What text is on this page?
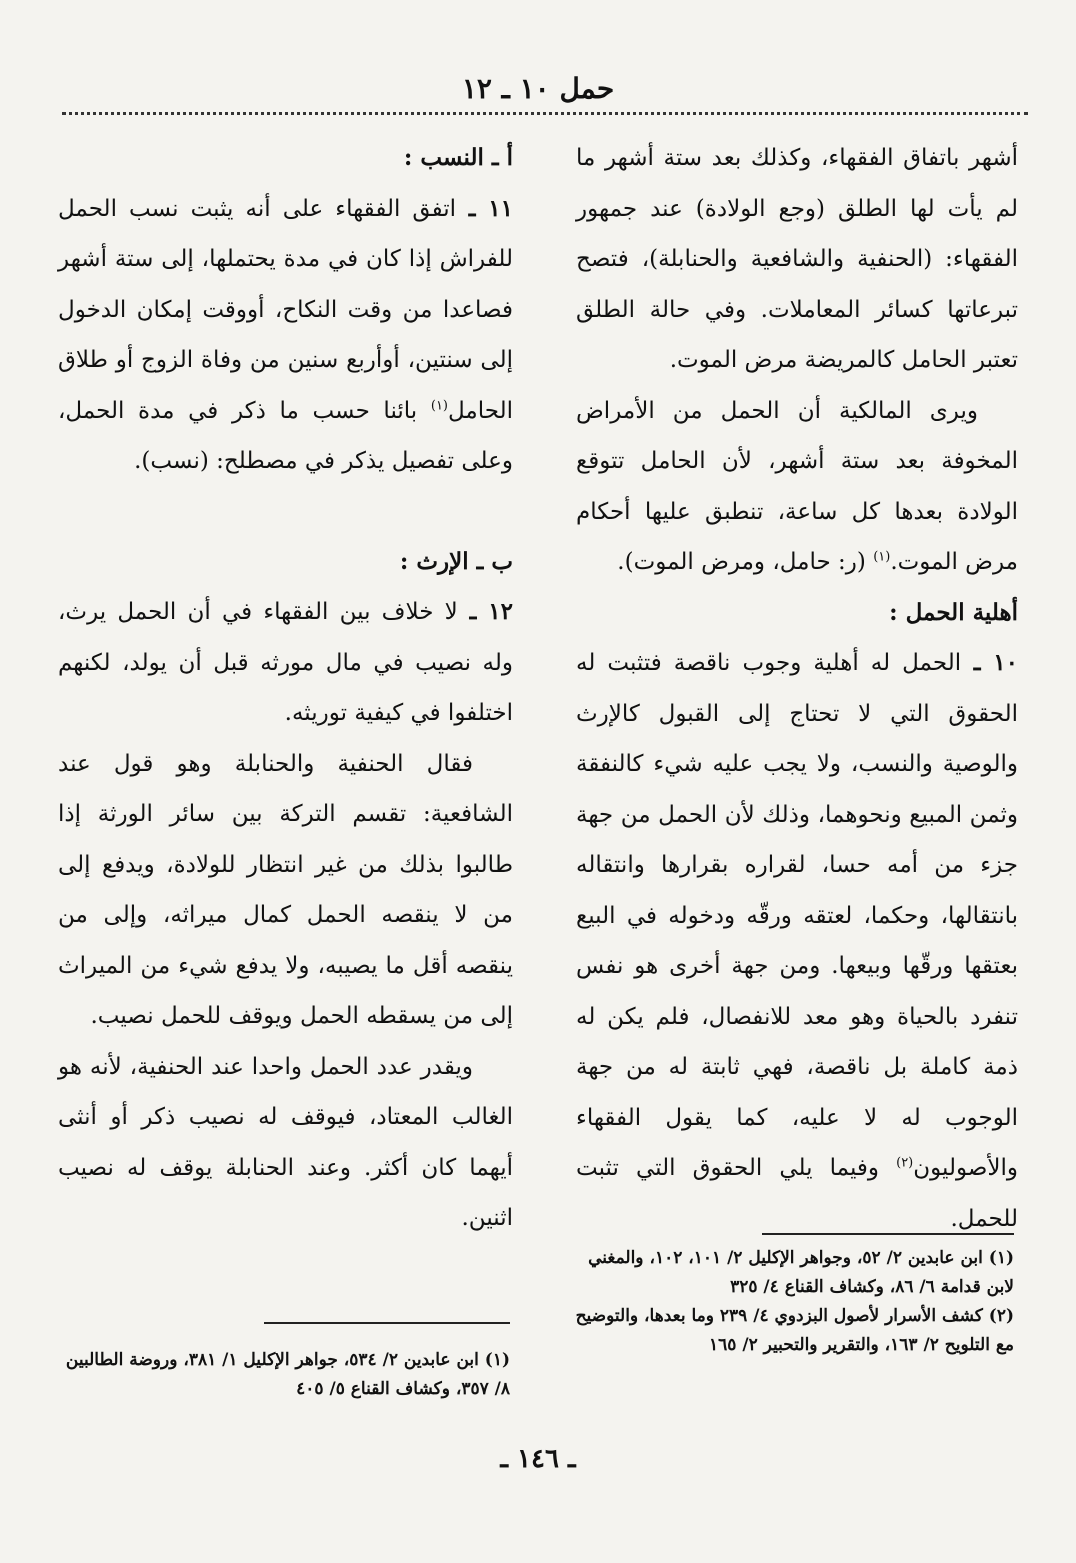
حمل ١٠ ـ ١٢

أشهر باتفاق الفقهاء، وكذلك بعد ستة أشهر ما لم يأت لها الطلق (وجع الولادة) عند جمهور الفقهاء: (الحنفية والشافعية والحنابلة)، فتصح تبرعاتها كسائر المعاملات. وفي حالة الطلق تعتبر الحامل كالمريضة مرض الموت.

ويرى المالكية أن الحمل من الأمراض المخوفة بعد ستة أشهر، لأن الحامل تتوقع الولادة بعدها كل ساعة، تنطبق عليها أحكام مرض الموت.$^{(١)}$ (ر: حامل، ومرض الموت).

أهلية الحمل :

١٠ ـ الحمل له أهلية وجوب ناقصة فتثبت له الحقوق التي لا تحتاج إلى القبول كالإرث والوصية والنسب، ولا يجب عليه شيء كالنفقة وثمن المبيع ونحوهما، وذلك لأن الحمل من جهة جزء من أمه حسا، لقراره بقرارها وانتقاله بانتقالها، وحكما، لعتقه ورقّه ودخوله في البيع بعتقها ورقّها وبيعها. ومن جهة أخرى هو نفس تنفرد بالحياة وهو معد للانفصال، فلم يكن له ذمة كاملة بل ناقصة، فهي ثابتة له من جهة الوجوب له لا عليه، كما يقول الفقهاء والأصوليون$^{(٢)}$ وفيما يلي الحقوق التي تثبت للحمل.

أ ـ النسب :

١١ ـ اتفق الفقهاء على أنه يثبت نسب الحمل للفراش إذا كان في مدة يحتملها، إلى ستة أشهر فصاعدا من وقت النكاح، أووقت إمكان الدخول إلى سنتين، أوأربع سنين من وفاة الزوج أو طلاق الحامل$^{(١)}$ بائنا حسب ما ذكر في مدة الحمل، وعلى تفصيل يذكر في مصطلح: (نسب).

ب ـ الإرث :

١٢ ـ لا خلاف بين الفقهاء في أن الحمل يرث، وله نصيب في مال مورثه قبل أن يولد، لكنهم اختلفوا في كيفية توريثه.

فقال الحنفية والحنابلة وهو قول عند الشافعية: تقسم التركة بين سائر الورثة إذا طالبوا بذلك من غير انتظار للولادة، ويدفع إلى من لا ينقصه الحمل كمال ميراثه، وإلى من ينقصه أقل ما يصيبه، ولا يدفع شيء من الميراث إلى من يسقطه الحمل ويوقف للحمل نصيب.

ويقدر عدد الحمل واحدا عند الحنفية، لأنه هو الغالب المعتاد، فيوقف له نصيب ذكر أو أنثى أيهما كان أكثر. وعند الحنابلة يوقف له نصيب اثنين.

(١) ابن عابدين ٢/ ٥٢، وجواهر الإكليل ٢/ ١٠١، ١٠٢، والمغني لابن قدامة ٦/ ٨٦، وكشاف القناع ٤/ ٣٢٥

(٢) كشف الأسرار لأصول البزدوي ٤/ ٢٣٩ وما بعدها، والتوضيح مع التلويح ٢/ ١٦٣، والتقرير والتحبير ٢/ ١٦٥

(١) ابن عابدين ٢/ ٥٣٤، جواهر الإكليل ١/ ٣٨١، وروضة الطالبين ٨/ ٣٥٧، وكشاف القناع ٥/ ٤٠٥

ـ ١٤٦ ـ
